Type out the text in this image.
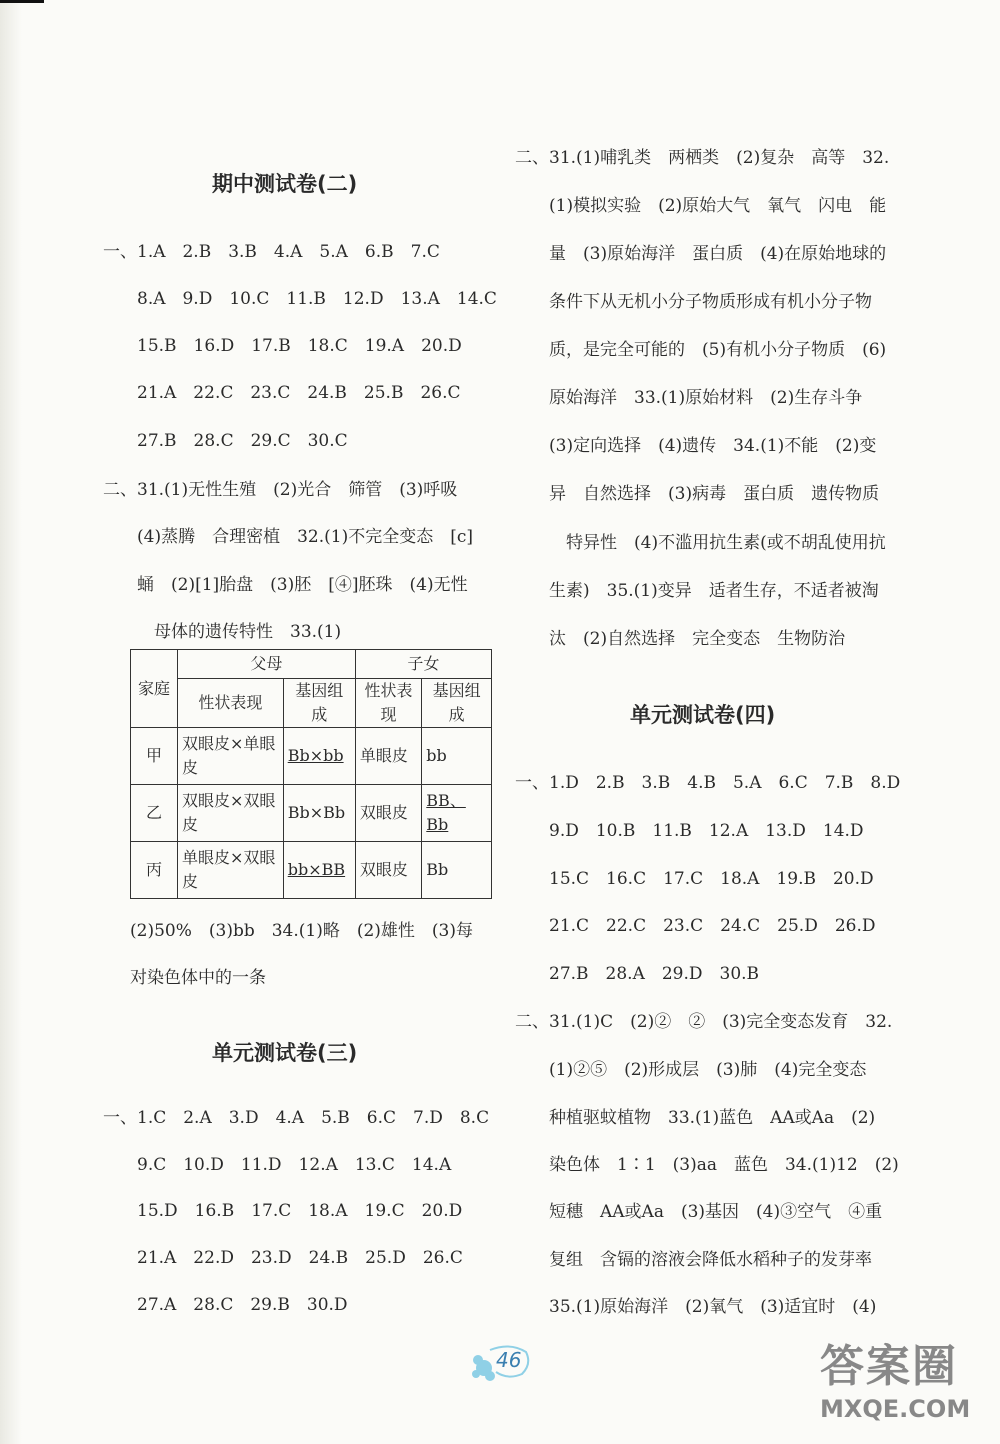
期中测试卷(二)
一、1.A　2.B　3.B　4.A　5.A　6.B　7.C
　　8.A　9.D　10.C　11.B　12.D　13.A　14.C
　　15.B　16.D　17.B　18.C　19.A　20.D
　　21.A　22.C　23.C　24.B　25.B　26.C
　　27.B　28.C　29.C　30.C
二、31.(1)无性生殖　(2)光合　筛管　(3)呼吸
　　(4)蒸腾　合理密植　32.(1)不完全变态　[c]
　　蛹　(2)[1]胎盘　(3)胚　[④]胚珠　(4)无性
　　　母体的遗传特性　33.(1)
家庭	父母		子女	
	性状表现	基因组成	性状表现	基因组成
甲	双眼皮×单眼皮	Bb×bb	单眼皮	bb
乙	双眼皮×双眼皮	Bb×Bb	双眼皮	BB、Bb
丙	单眼皮×双眼皮	bb×BB	双眼皮	Bb
(2)50%　(3)bb　34.(1)略　(2)雄性　(3)每
对染色体中的一条
单元测试卷(三)
一、1.C　2.A　3.D　4.A　5.B　6.C　7.D　8.C
　　9.C　10.D　11.D　12.A　13.C　14.A
　　15.D　16.B　17.C　18.A　19.C　20.D
　　21.A　22.D　23.D　24.B　25.D　26.C
　　27.A　28.C　29.B　30.D
二、31.(1)哺乳类　两栖类　(2)复杂　高等　32.
　　(1)模拟实验　(2)原始大气　氧气　闪电　能
　　量　(3)原始海洋　蛋白质　(4)在原始地球的
　　条件下从无机小分子物质形成有机小分子物
　　质，是完全可能的　(5)有机小分子物质　(6)
　　原始海洋　33.(1)原始材料　(2)生存斗争
　　(3)定向选择　(4)遗传　34.(1)不能　(2)变
　　异　自然选择　(3)病毒　蛋白质　遗传物质
　　　特异性　(4)不滥用抗生素(或不胡乱使用抗
　　生素)　35.(1)变异　适者生存，不适者被淘
　　汰　(2)自然选择　完全变态　生物防治
单元测试卷(四)
一、1.D　2.B　3.B　4.B　5.A　6.C　7.B　8.D
　　9.D　10.B　11.B　12.A　13.D　14.D
　　15.C　16.C　17.C　18.A　19.B　20.D
　　21.C　22.C　23.C　24.C　25.D　26.D
　　27.B　28.A　29.D　30.B
二、31.(1)C　(2)②　②　(3)完全变态发育　32.
　　(1)②⑤　(2)形成层　(3)肺　(4)完全变态
　　种植驱蚊植物　33.(1)蓝色　AA或Aa　(2)
　　染色体　1∶1　(3)aa　蓝色　34.(1)12　(2)
　　短穗　AA或Aa　(3)基因　(4)③空气　④重
　　复组　含镉的溶液会降低水稻种子的发芽率
　　35.(1)原始海洋　(2)氧气　(3)适宜时　(4)
46	答案圈
MXQE.COM
